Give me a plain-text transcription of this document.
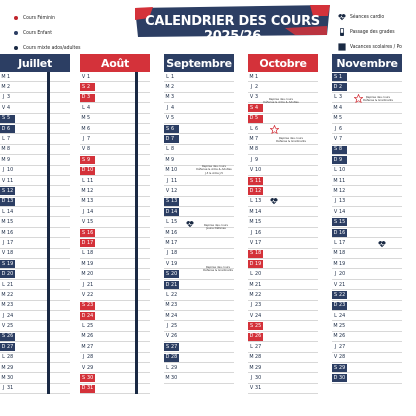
Cours Féminin
Cours Enfant
Cours mixte ados/adultes
Séances cardio
Passage des grades
Vacances scolaires / Po
CALENDRIER DES COURS 2025/26
Juillet
M 1
M 2
J 3
V 4
S 5
D 6
L 7
M 8
M 9
J 10
V 11
S 12
D 13
L 14
M 15
M 16
J 17
V 18
S 19
D 20
L 21
M 22
M 23
J 24
V 25
S 26
D 27
L 28
M 29
M 30
J 31
Août
V 1
S 2
D 3
L 4
M 5
M 6
J 7
V 8
S 9
D 10
L 11
M 12
M 13
J 14
V 15
S 16
D 17
L 18
M 19
M 20
J 21
V 22
S 23
D 24
L 25
M 26
M 27
J 28
V 29
S 30
D 31
Septembre
L 1
M 2
M 3
J 4
V 5
S 6
D 7
L 8
M 9
M 10
J 11
V 12
S 13
D 14
L 15
M 16
M 17
J 18
V 19
S 20
D 21
L 22
M 23
M 24
J 25
V 26
S 27
D 28
L 29
M 30
Octobre
M 1
J 2
V 3
S 4
D 5
L 6
M 7
M 8
J 9
V 10
S 11
D 12
L 13
M 14
M 15
J 16
V 17
S 18
D 19
L 20
M 21
M 22
J 23
V 24
S 25
D 26
L 27
M 28
M 29
J 30
V 31
Novembre
S 1
D 2
L 3
M 4
M 5
J 6
V 7
S 8
D 9
L 10
M 11
M 12
J 13
V 14
S 15
D 16
L 17
M 18
M 19
J 20
V 21
S 22
D 23
L 24
M 25
M 26
J 27
V 28
S 29
D 30
Reprise des cours
Défense & Ados & Adultes
J-3 & Ados J-5
Reprise des cours
Jeune Défense
Reprise des cours
Défense & Gradinants
Reprise des cours
Défense & Ados & Adultes
Reprise des cours
Défense & Gradinants
Reprise des cours
Défense & Gradinants
